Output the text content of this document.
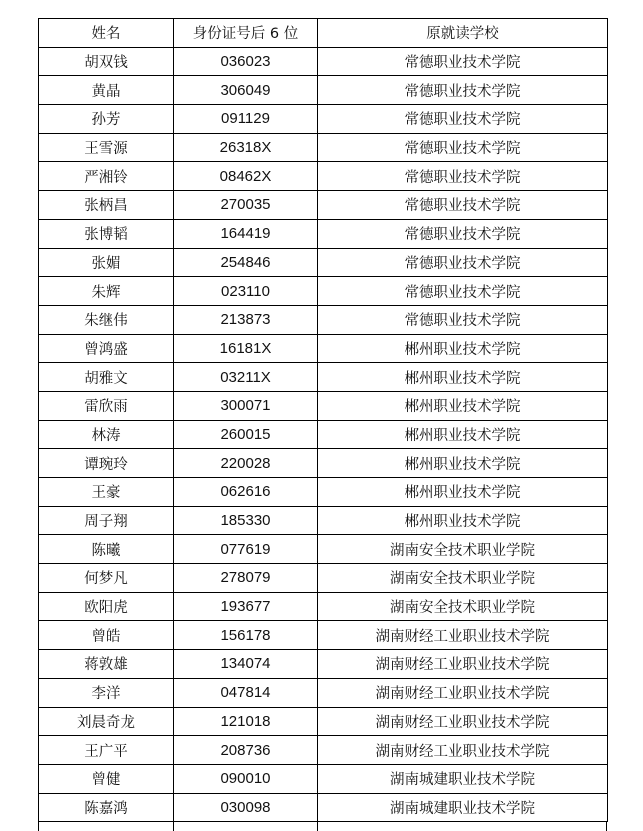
姓名	身份证号后 6 位	原就读学校
胡双钱	036023	常德职业技术学院
黄晶	306049	常德职业技术学院
孙芳	091129	常德职业技术学院
王雪源	26318X	常德职业技术学院
严湘铃	08462X	常德职业技术学院
张柄昌	270035	常德职业技术学院
张博韬	164419	常德职业技术学院
张媚	254846	常德职业技术学院
朱辉	023110	常德职业技术学院
朱继伟	213873	常德职业技术学院
曾鸿盛	16181X	郴州职业技术学院
胡雅文	03211X	郴州职业技术学院
雷欣雨	300071	郴州职业技术学院
林涛	260015	郴州职业技术学院
谭琬玲	220028	郴州职业技术学院
王豪	062616	郴州职业技术学院
周子翔	185330	郴州职业技术学院
陈曦	077619	湖南安全技术职业学院
何梦凡	278079	湖南安全技术职业学院
欧阳虎	193677	湖南安全技术职业学院
曾皓	156178	湖南财经工业职业技术学院
蒋敦雄	134074	湖南财经工业职业技术学院
李洋	047814	湖南财经工业职业技术学院
刘晨奇龙	121018	湖南财经工业职业技术学院
王广平	208736	湖南财经工业职业技术学院
曾健	090010	湖南城建职业技术学院
陈嘉鸿	030098	湖南城建职业技术学院
